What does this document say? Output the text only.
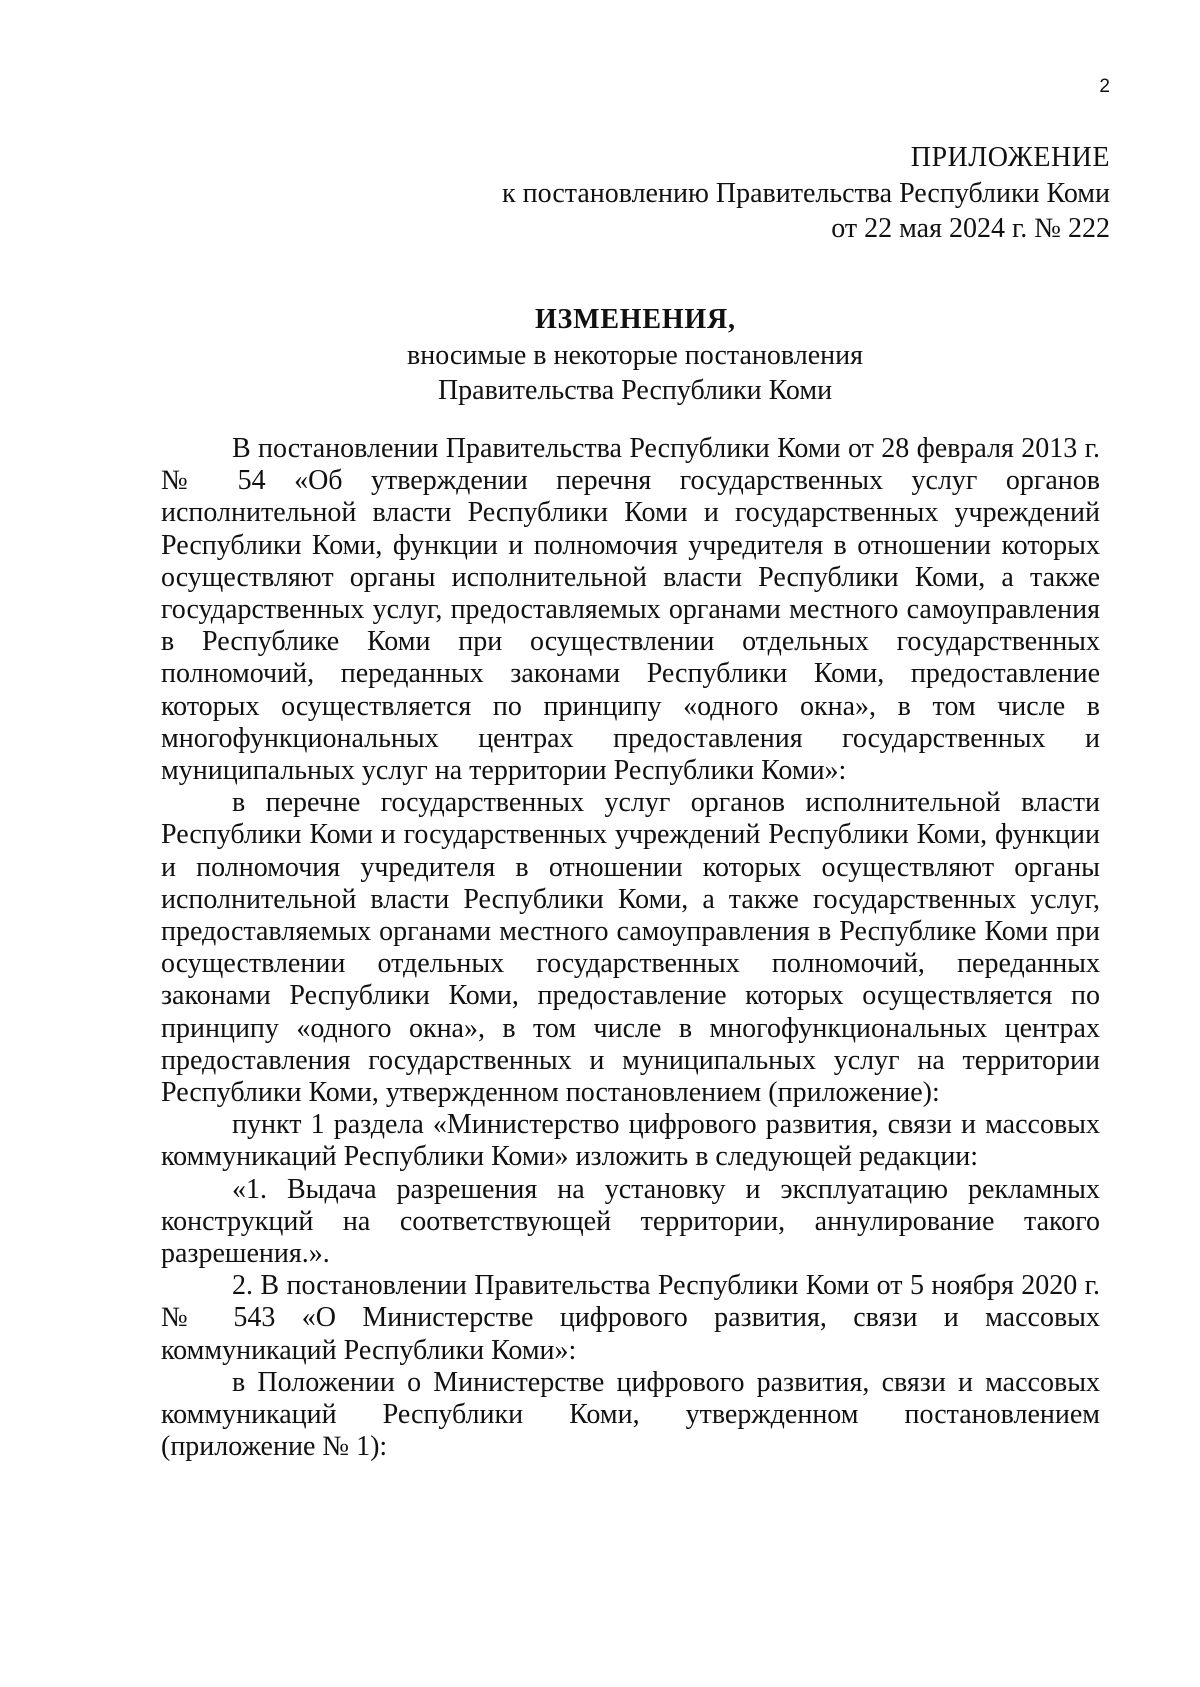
2
ПРИЛОЖЕНИЕ
к постановлению Правительства Республики Коми
от 22 мая 2024 г. № 222
ИЗМЕНЕНИЯ,
вносимые в некоторые постановления
Правительства Республики Коми

В постановлении Правительства Республики Коми от 28 февраля 2013 г. № 54 «Об утверждении перечня государственных услуг органов исполнительной власти Республики Коми и государственных учреждений Республики Коми, функции и полномочия учредителя в отношении которых осуществляют органы исполнительной власти Республики Коми, а также государственных услуг, предоставляемых органами местного самоуправления в Республике Коми при осуществлении отдельных государственных полномочий, переданных законами Республики Коми, предоставление которых осуществляется по принципу «одного окна», в том числе в многофункциональных центрах предоставления государственных и муниципальных услуг на территории Республики Коми»:

в перечне государственных услуг органов исполнительной власти Республики Коми и государственных учреждений Республики Коми, функции и полномочия учредителя в отношении которых осуществляют органы исполнительной власти Республики Коми, а также государственных услуг, предоставляемых органами местного самоуправления в Республике Коми при осуществлении отдельных государственных полномочий, переданных законами Республики Коми, предоставление которых осуществляется по принципу «одного окна», в том числе в многофункциональных центрах предоставления государственных и муниципальных услуг на территории Республики Коми, утвержденном постановлением (приложение):

пункт 1 раздела «Министерство цифрового развития, связи и массовых коммуникаций Республики Коми» изложить в следующей редакции:

«1. Выдача разрешения на установку и эксплуатацию рекламных конструкций на соответствующей территории, аннулирование такого разрешения.».

2. В постановлении Правительства Республики Коми от 5 ноября 2020 г. № 543 «О Министерстве цифрового развития, связи и массовых коммуникаций Республики Коми»:

в Положении о Министерстве цифрового развития, связи и массовых коммуникаций Республики Коми, утвержденном постановлением (приложение № 1):
